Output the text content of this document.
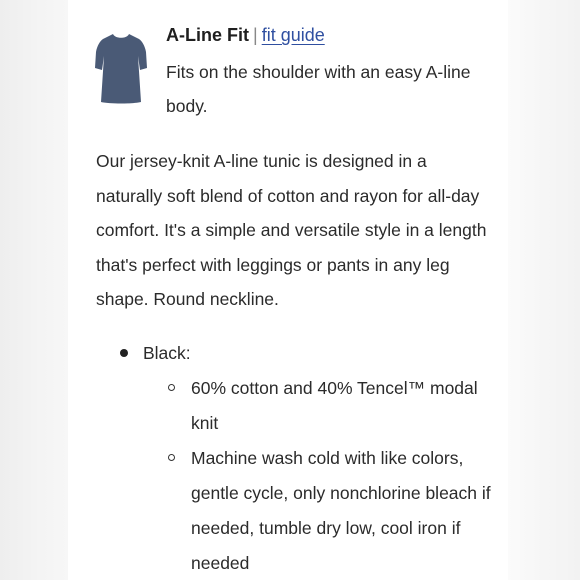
A-Line Fit | fit guide
Fits on the shoulder with an easy A-line body.
Our jersey-knit A-line tunic is designed in a naturally soft blend of cotton and rayon for all-day comfort. It's a simple and versatile style in a length that's perfect with leggings or pants in any leg shape. Round neckline.
Black:
60% cotton and 40% Tencel™ modal knit
Machine wash cold with like colors, gentle cycle, only nonchlorine bleach if needed, tumble dry low, cool iron if needed
